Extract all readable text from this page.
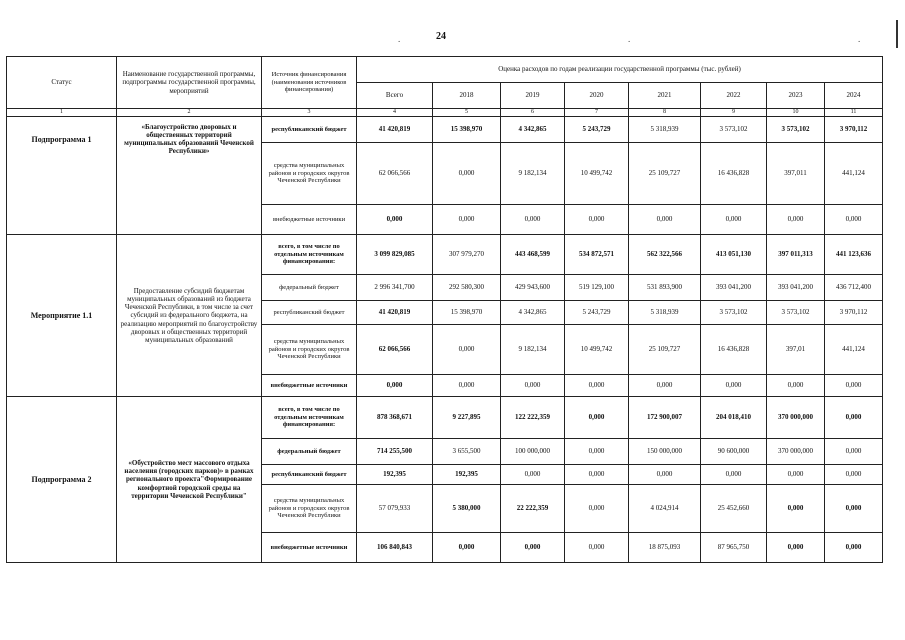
24
.	.	.
Статус	Наименование государственной программы, подпрограммы государственной программы, мероприятий	Источник финансирования (наименования источников финансирования)	Оценка расходов по годам реализации государственной программы (тыс. рублей)							
			Всего	2018	2019	2020	2021	2022	2023	2024
1	2	3	4	5	6	7	8	9	10	11
Подпрограмма 1	«Благоустройство дворовых и общественных территорий муниципальных образований Чеченской Республики»	республиканский бюджет	41 420,819	15 398,970	4 342,865	5 243,729	5 318,939	3 573,102	3 573,102	3 970,112
		средства муниципальных районов и городских округов Чеченской Республики	62 066,566	0,000	9 182,134	10 499,742	25 109,727	16 436,828	397,011	441,124
		внебюджетные источники	0,000	0,000	0,000	0,000	0,000	0,000	0,000	0,000
Мероприятие 1.1	Предоставление субсидий бюджетам муниципальных образований из бюджета Чеченской Республики, в том числе за счет субсидий из федерального бюджета, на реализацию мероприятий по благоустройству дворовых и общественных территорий муниципальных образований	всего, в том числе по отдельным источникам финансирования:	3 099 829,085	307 979,270	443 468,599	534 872,571	562 322,566	413 051,130	397 011,313	441 123,636
		федеральный бюджет	2 996 341,700	292 580,300	429 943,600	519 129,100	531 893,900	393 041,200	393 041,200	436 712,400
		республиканский бюджет	41 420,819	15 398,970	4 342,865	5 243,729	5 318,939	3 573,102	3 573,102	3 970,112
		средства муниципальных районов и городских округов Чеченской Республики	62 066,566	0,000	9 182,134	10 499,742	25 109,727	16 436,828	397,01	441,124
		внебюджетные источники	0,000	0,000	0,000	0,000	0,000	0,000	0,000	0,000
Подпрограмма 2	«Обустройство мест массового отдыха населения (городских парков)» в рамках регионального проекта"Формирование комфортной городской среды на территории Чеченской Республики"	всего, в том числе по отдельным источникам финансирования:	878 368,671	9 227,895	122 222,359	0,000	172 900,007	204 018,410	370 000,000	0,000
		федеральный бюджет	714 255,500	3 655,500	100 000,000	0,000	150 000,000	90 600,000	370 000,000	0,000
		республиканский бюджет	192,395	192,395	0,000	0,000	0,000	0,000	0,000	0,000
		средства муниципальных районов и городских округов Чеченской Республики	57 079,933	5 380,000	22 222,359	0,000	4 024,914	25 452,660	0,000	0,000
		внебюджетные источники	106 840,843	0,000	0,000	0,000	18 875,093	87 965,750	0,000	0,000
